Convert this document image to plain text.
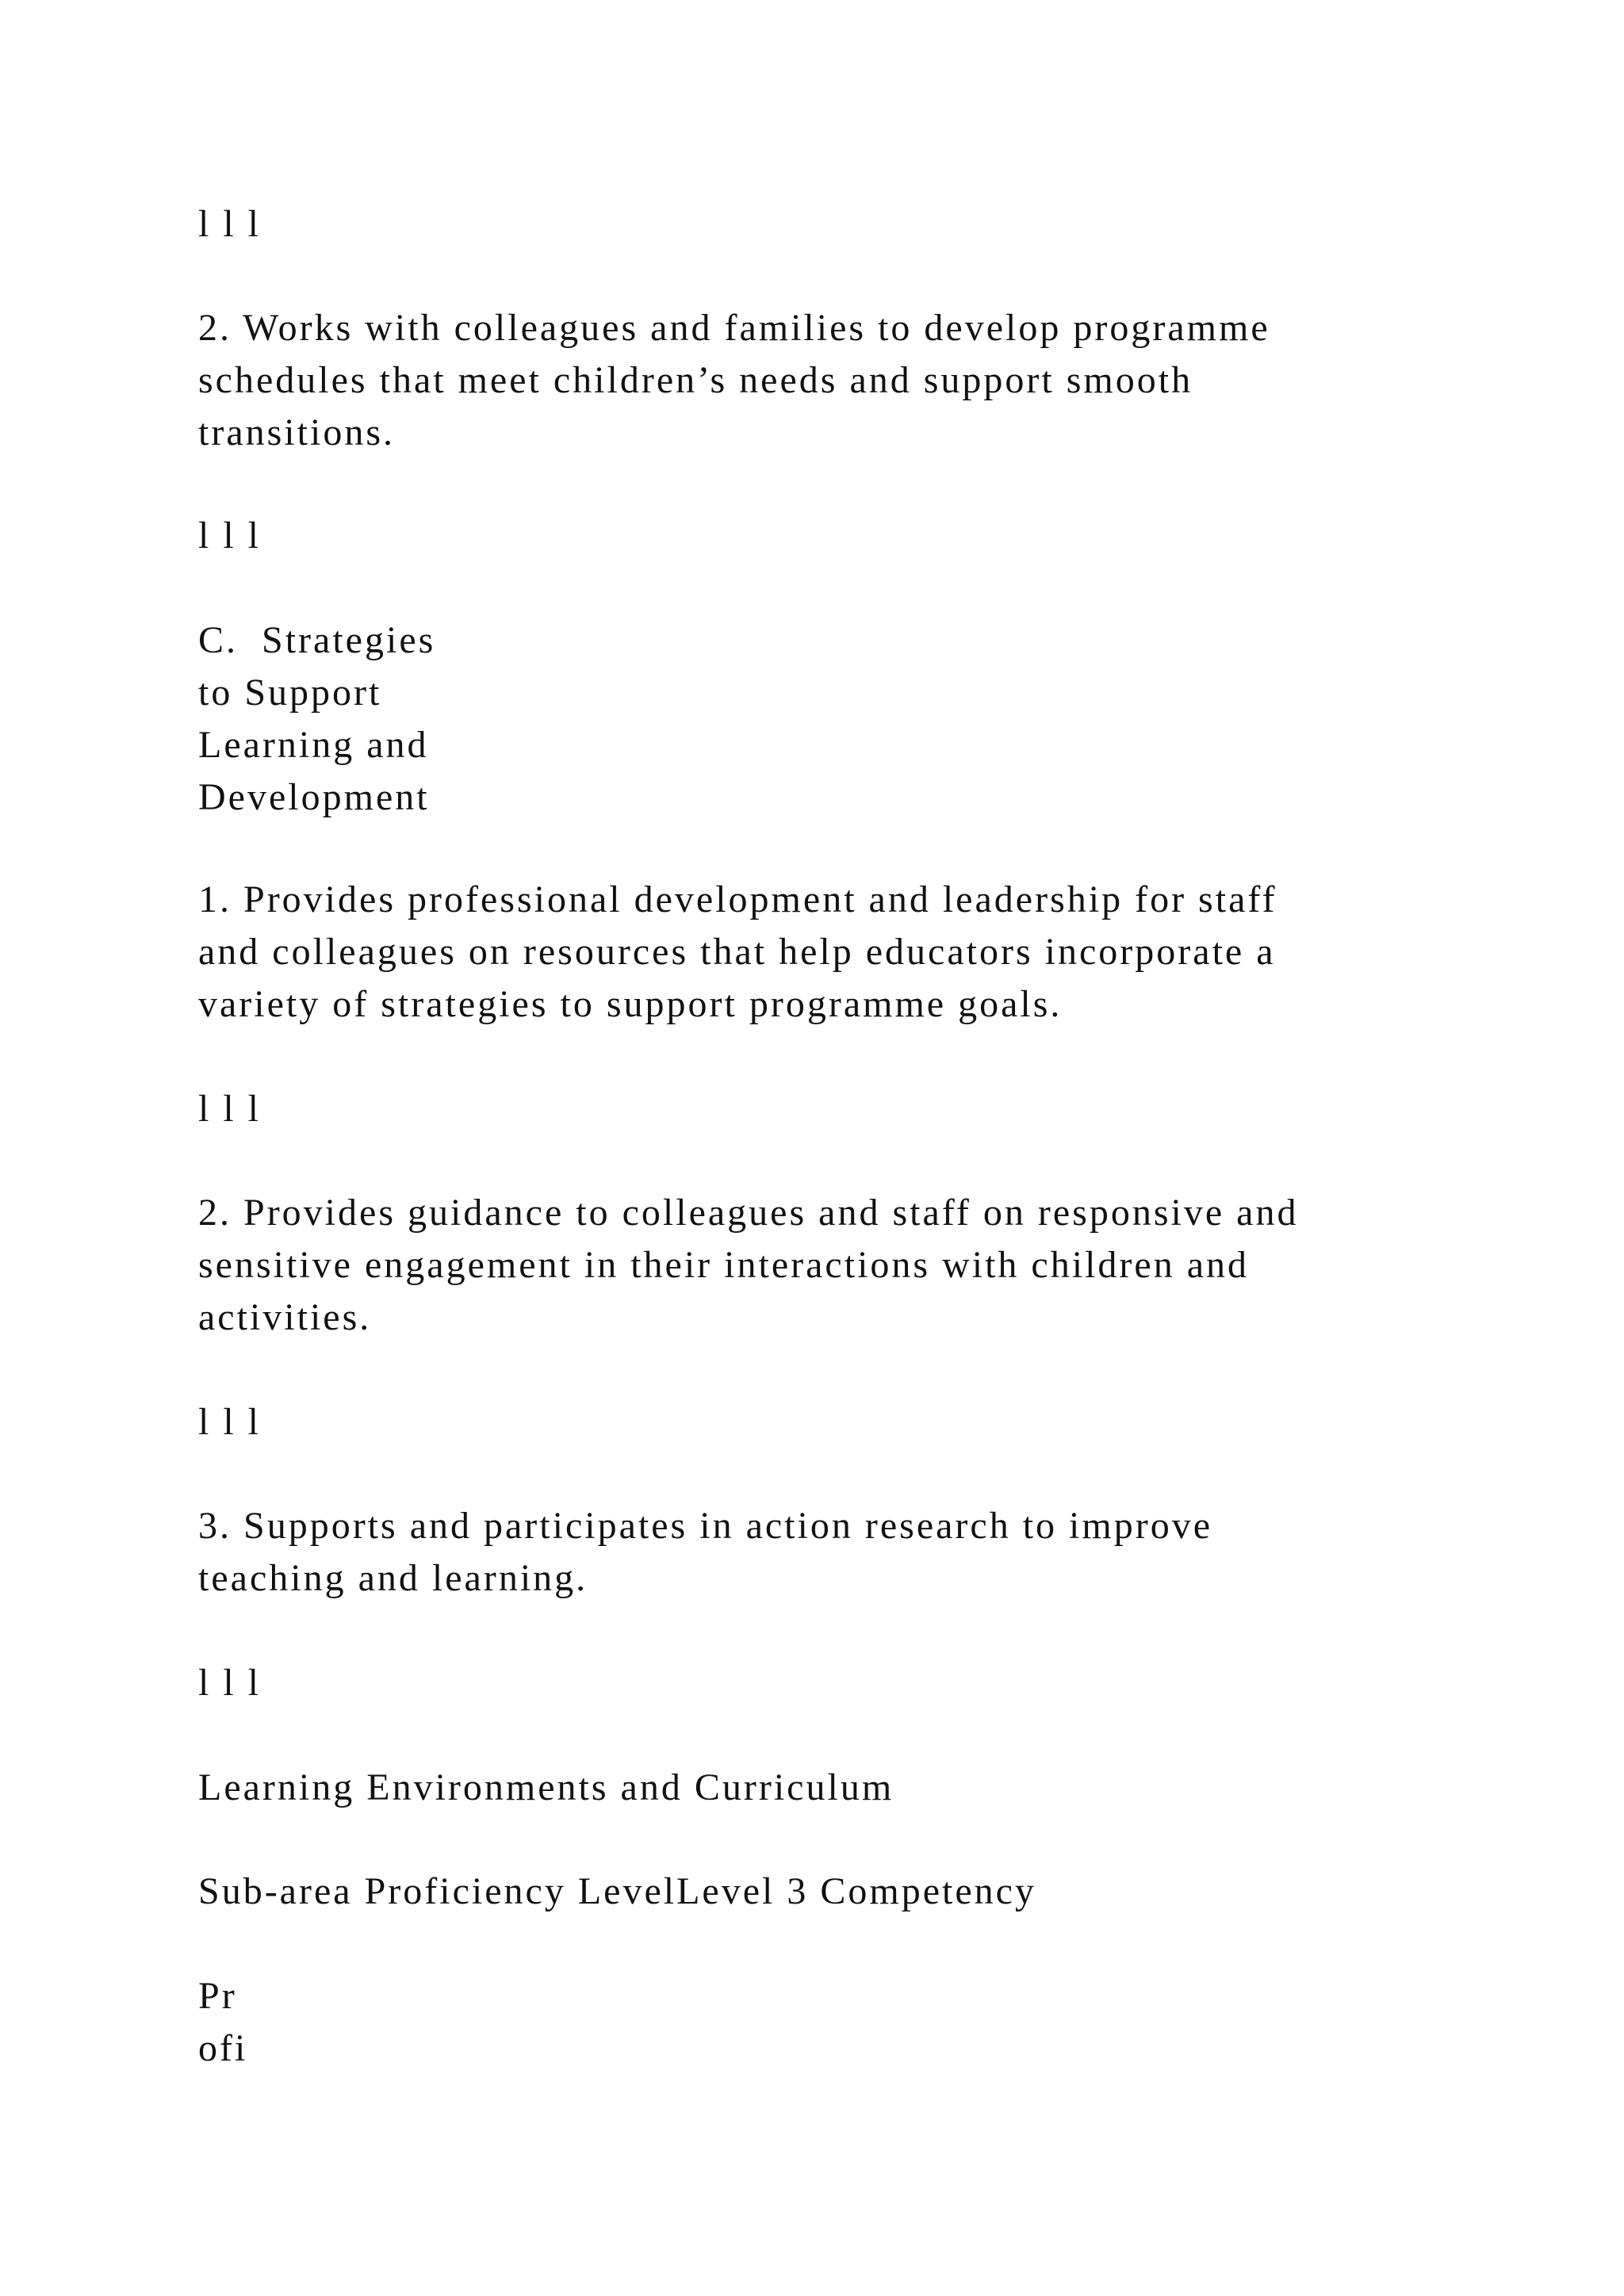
l l l

2. Works with colleagues and families to develop programme
schedules that meet children’s needs and support smooth
transitions.

l l l

C.  Strategies
to Support
Learning and
Development

1. Provides professional development and leadership for staff
and colleagues on resources that help educators incorporate a
variety of strategies to support programme goals.

l l l

2. Provides guidance to colleagues and staff on responsive and
sensitive engagement in their interactions with children and
activities.

l l l

3. Supports and participates in action research to improve
teaching and learning.

l l l

Learning Environments and Curriculum

Sub-area Proficiency LevelLevel 3 Competency

Pr
ofi
